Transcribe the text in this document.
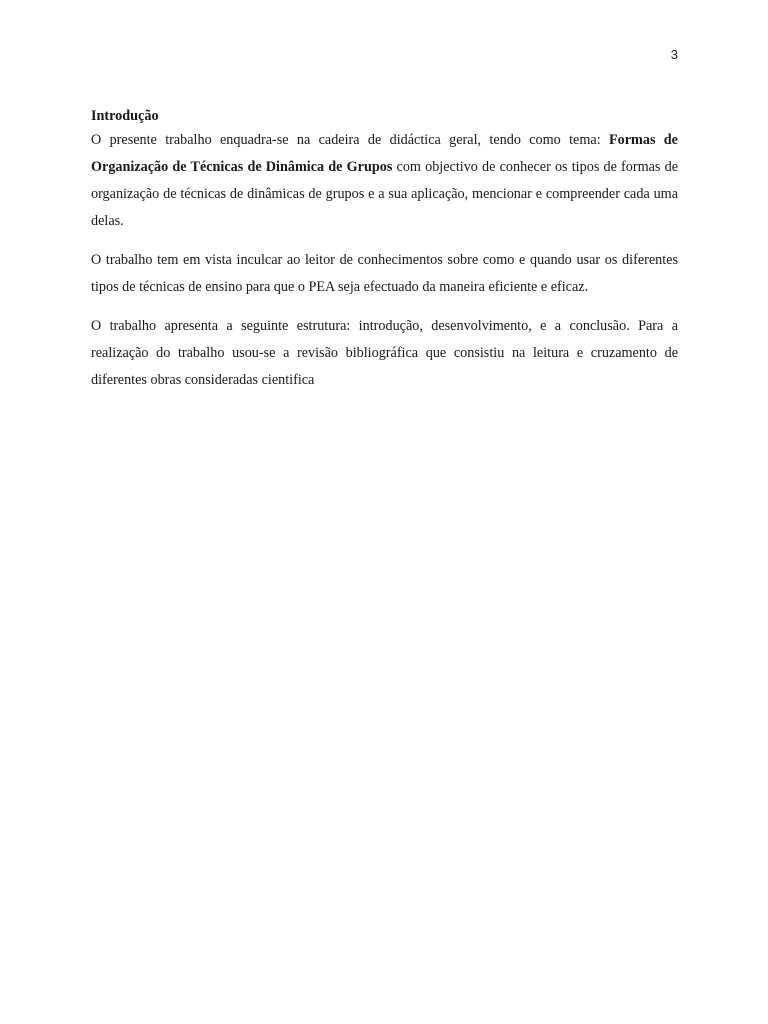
3

Introdução

O presente trabalho enquadra-se na cadeira de didáctica geral, tendo como tema: Formas de Organização de Técnicas de Dinâmica de Grupos com objectivo de conhecer os tipos de formas de organização de técnicas de dinâmicas de grupos e a sua aplicação, mencionar e compreender cada uma delas.

O trabalho tem em vista inculcar ao leitor de conhecimentos sobre como e quando usar os diferentes tipos de técnicas de ensino para que o PEA seja efectuado da maneira eficiente e eficaz.

O trabalho apresenta a seguinte estrutura: introdução, desenvolvimento, e a conclusão. Para a realização do trabalho usou-se a revisão bibliográfica que consistiu na leitura e cruzamento de diferentes obras consideradas cientifica
